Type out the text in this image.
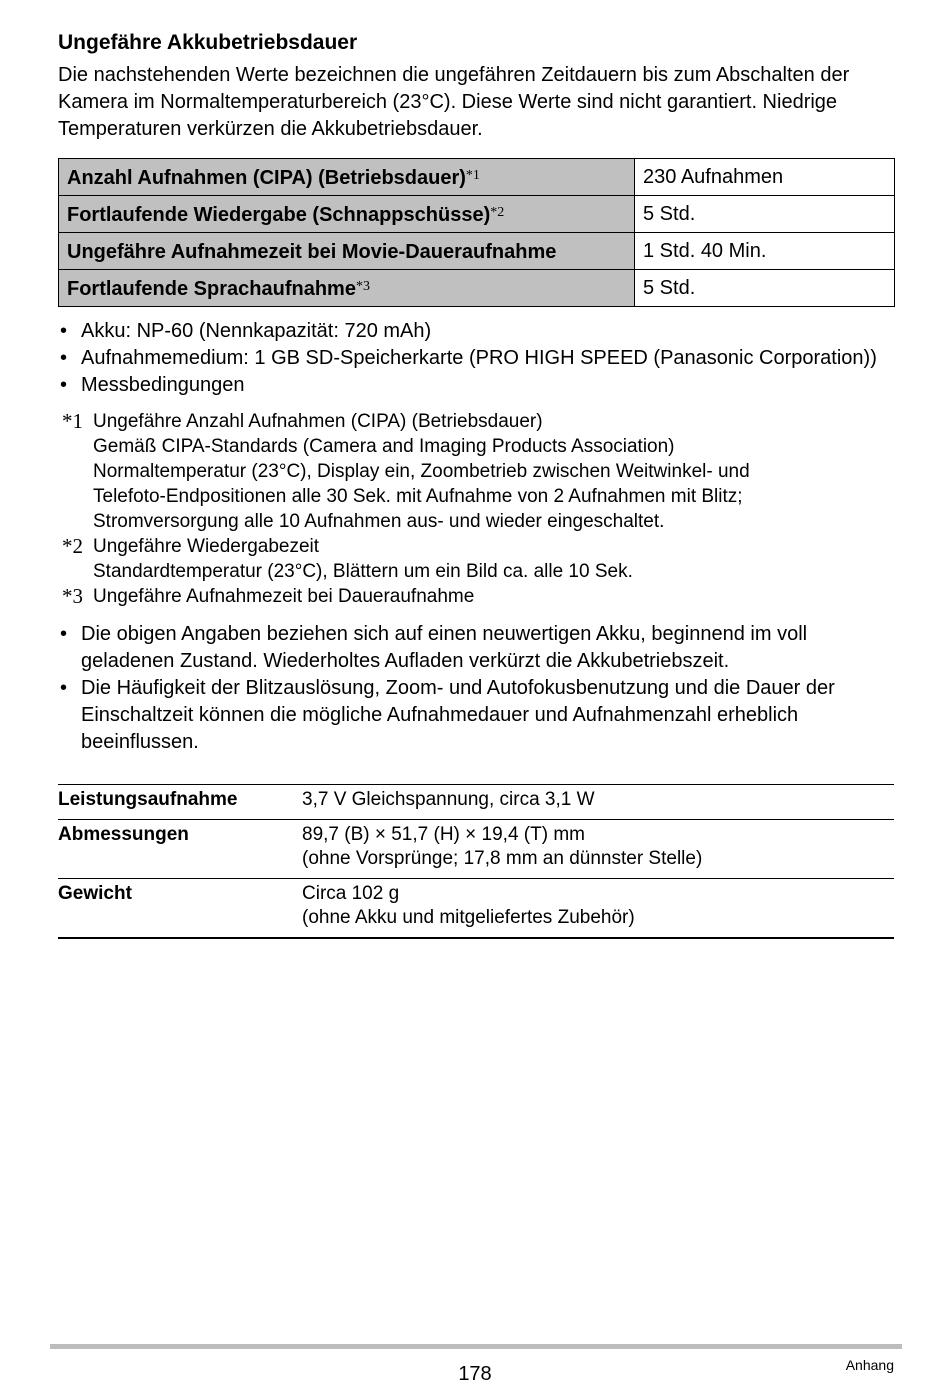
Ungefähre Akkubetriebsdauer

Die nachstehenden Werte bezeichnen die ungefähren Zeitdauern bis zum Abschalten der Kamera im Normaltemperaturbereich (23°C). Diese Werte sind nicht garantiert. Niedrige Temperaturen verkürzen die Akkubetriebsdauer.

Anzahl Aufnahmen (CIPA) (Betriebsdauer)$^{*1}$	230 Aufnahmen
Fortlaufende Wiedergabe (Schnappschüsse)$^{*2}$	5 Std.
Ungefähre Aufnahmezeit bei Movie-Daueraufnahme	1 Std. 40 Min.
Fortlaufende Sprachaufnahme$^{*3}$	5 Std.
• Akku: NP-60 (Nennkapazität: 720 mAh)
• Aufnahmemedium: 1 GB SD-Speicherkarte (PRO HIGH SPEED (Panasonic Corporation))
• Messbedingungen
*1 Ungefähre Anzahl Aufnahmen (CIPA) (Betriebsdauer)
Gemäß CIPA-Standards (Camera and Imaging Products Association)
Normaltemperatur (23°C), Display ein, Zoombetrieb zwischen Weitwinkel- und
Telefoto-Endpositionen alle 30 Sek. mit Aufnahme von 2 Aufnahmen mit Blitz;
Stromversorgung alle 10 Aufnahmen aus- und wieder eingeschaltet.
*2 Ungefähre Wiedergabezeit
Standardtemperatur (23°C), Blättern um ein Bild ca. alle 10 Sek.
*3 Ungefähre Aufnahmezeit bei Daueraufnahme
• Die obigen Angaben beziehen sich auf einen neuwertigen Akku, beginnend im voll geladenen Zustand. Wiederholtes Aufladen verkürzt die Akkubetriebszeit.
• Die Häufigkeit der Blitzauslösung, Zoom- und Autofokusbenutzung und die Dauer der Einschaltzeit können die mögliche Aufnahmedauer und Aufnahmenzahl erheblich beeinflussen.
Leistungsaufnahme	3,7 V Gleichspannung, circa 3,1 W

Abmessungen	89,7 (B) × 51,7 (H) × 19,4 (T) mm
(ohne Vorsprünge; 17,8 mm an dünnster Stelle)

Gewicht	Circa 102 g
(ohne Akku und mitgeliefertes Zubehör)
178	Anhang
